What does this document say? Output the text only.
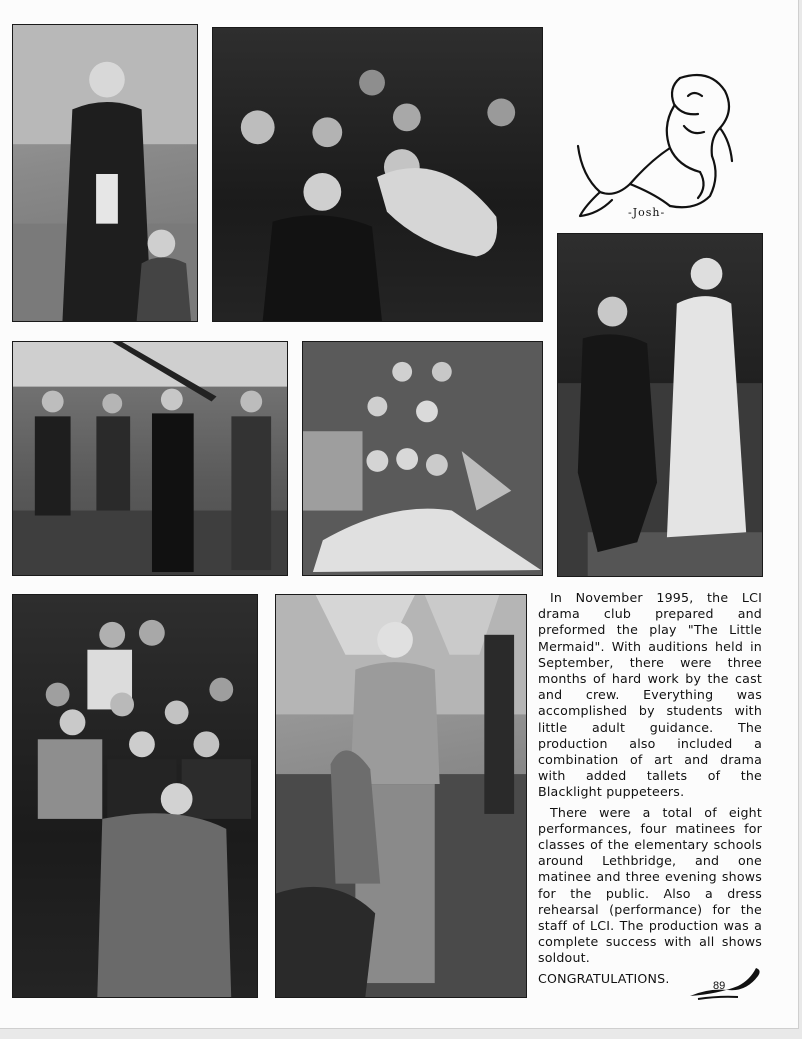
-Josh-

In November 1995, the LCI drama club prepared and preformed the play "The Little Mermaid". With auditions held in September, there were three months of hard work by the cast and crew. Everything was accomplished by students with little adult guidance. The production also included a combination of art and drama with added tallets of the Blacklight puppeteers.

There were a total of eight performances, four matinees for classes of the elementary schools around Lethbridge, and one matinee and three evening shows for the public. Also a dress rehearsal (performance) for the staff of LCI. The production was a complete success with all shows soldout.

CONGRATULATIONS.

89
